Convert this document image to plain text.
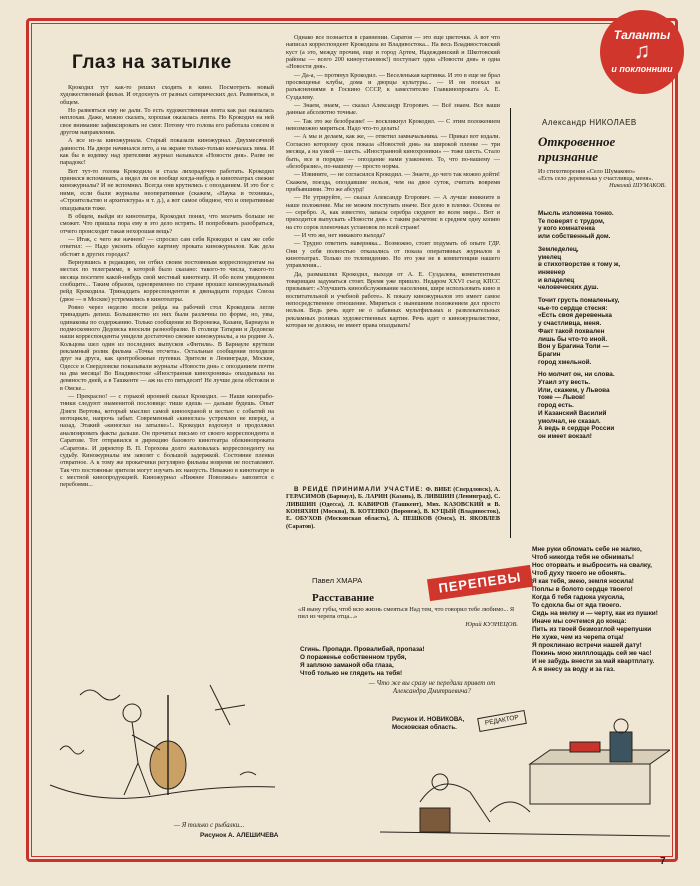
Таланты
♫
и поклонники
Глаз на затылке

Крокодил тут как-то решил сходить в кино. Посмотреть новый художественный фильм. И отдохнуть от разных сатирических дел. Развеяться, в общем.

Но развеяться ему не дали. То есть художественная лента как раз оказалась неплохая. Даже, можно сказать, хорошая оказалась лента. Но Крокодил на ней свое внимание зафиксировать не смог. Потому что голова его работала совсем в другом направлении.

А все из-за киножурнала. Старый показали киножурнал. Двухмесячной давности. На дворе начинался лето, а на экране только-только кончалась зима. И как бы в издевку над зрителями журнал назывался «Новости дня». Разве не парадокс!

Вот тут-то голова Крокодила и стала лихорадочно работать. Крокодил принялся вспоминать, а видел ли он вообще когда-нибудь в кинотеатрах свежие киножурналы? И не вспомнил. Всегда они крутились с опозданием. И это бог с ними, если были журналы неоперативные (скажем, «Наука и техника», «Строительство и архитектура» и т. д.), а вот самое обидное, что и оперативные опаздывали тоже.

В общем, выйдя из кинотеатра, Крокодил понял, что молчать больше не сможет. Что пришла пора ему в это дело встрять. И попробовать разобраться, отчего происходит такая нехорошая вещь?

— Итак, с чего же начнем? — спросил сам себя Крокодил и сам же себе ответил: — Надо уяснить общую картину проката киножурналов. Как дела обстоят в других городах?

Вернувшись в редакцию, он отбил своим постоянным корреспондентам на местах по телеграмме, в которой было сказано: такого-то числа, такого-то месяца посетите какой-нибудь свой местный кинотеатр. И обо всем увиденном сообщите... Таким образом, одновременно по стране прошел киножурнальный рейд Крокодила. Тринадцать корреспондентов в двенадцати городах Союза (двое — в Москве) устремились в кинотеатры.

Ровно через неделю после рейда на рабочий стол Крокодила легли тринадцать депеш. Большинство из них были различны по форме, но, увы, одинаковы по содержанию. Только сообщения из Воронежа, Казани, Барнаула и подмосковного Дедовска вносили разнообразие. В столице Татарии и Дедовске наши корреспонденты увидели достаточно свежие киножурналы, а на родине А. Кольцова шел один из последних выпусков «Фитиля». В Барнауле крутили рекламный ролик фильма «Точка отсчета». Остальные сообщения походили друг на друга, как центробежные путевки. Зрители в Ленинграде, Москве, Одессе и Свердловске показывали журналы «Новости дня» с опозданием почти на два месяца! Во Владивостоке «Иностранная кинохроника» опаздывала на девяносто дней, а в Ташкенте — аж на сто пятьдесят! Не лучше дела обстояли и в Омске...

— Прекрасно! — с горькой иронией сказал Крокодил. — Наши киноработники следуют знаменитой пословице: тише едешь — дальше будешь. Опыт Дзиги Вертова, который мыслил самой киноохраной и вестью с событий на мотоцикле, напрочь забыт. Современный «киноглаз» устремлен не вперед, а назад. Этакий «киноглаз на затылке»!.. Крокодил вздохнул и продолжил анализировать факты дальше. Он прочитал письмо от своего корреспондента в Саратове. Тот отправился в дирекцию базового кинотеатра облкинопроката «Саратов». И директор В. П. Горохова долго жаловалась корреспонденту на судьбу. Киножурналы им завозят с большой задержкой. Состояние пленки отвратное. А к тому же прокатчики регулярно фильмы вовремя не поставляют. Так что постоянные зрители могут изучать их наизусть. Неважно в кинотеатре и с местной кинопродукцией. Киножурнал «Нижнее Поволжье» завозится с перебоями...

— Я только с рыбалки...
Рисунок А. АЛЕШИЧЕВА

Однако все познается в сравнении. Саратов — это еще цветочки. А вот что написал корреспондент Крокодила из Владивостока... На весь Владивостокский куст (а это, между прочим, еще и город Артем, Надеждинский и Шкотовский районы — всего 200 киноустановок!) поступает одна «Новости дня» и одна «Новости дня».

— Да-а, — протянул Крокодил. — Веселенькая картинка. И это в еще не брал просвещенье клубы, дома и дворцы культуры... — И он поехал за разъяснениями в Госкино СССР, к заместителю Главкинопроката А. Е. Суздалеву.

— Знаем, знаем, — сказал Александр Егорович. — Всё знаем. Все ваши данные абсолютно точные.

— Так это же безобразие! — воскликнул Крокодил. — С этим положением невозможно мириться. Надо что-то делать!

— А мы и делаем, как же, — ответил замначальника. — Приказ вот издали. Согласно которому срок показа «Новостей дня» на широкой пленке — три месяца, а на узкой — шесть. «Иностранной кинохроники» — тоже шесть. Стало быть, все в порядке — опоздание нами узаконено. То, что по-вашему — «безобразие», по-нашему — просто норма.

— Извините, — не согласился Крокодил. — Знаете, до чего так можно дойти! Скажем, поезда, опоздавшие нельзя, чем на двое суток, считать вовремя прибывшими. Это же абсурд!

— Не утрируйте, — сказал Александр Егорович. — А лучше вникните в наше положение. Мы не можем поступать иначе. Все дело в пленке. Основа ее — серебро. А, как известно, запасы серебра скудеют во всем мире... Вот и приходится выпускать «Новости дня» с таким расчетом: в среднем одну копию на сто сорок пленочных установок по всей стране!

— И что же, нет никакого выхода?

— Трудно ответить наверняка... Возможно, стоит подумать об опыте ГДР. Они у себя полностью отказались от показа оперативных журналов в кинотеатрах. Только по телевидению. Но это уже не в компетенции нашего управления...

Да, размышлял Крокодил, выходя от А. Е. Суздалева, компетентным товарищам задуматься стоит. Время уже пришло. Недаром XXVI съезд КПСС призывает: «Улучшить кинообслуживание населения, шире использовать кино в воспитательной и учебной работе». К показу киножурналов это имеет самое непосредственное отношение. Мириться с нынешним положением дел просто нельзя. Ведь речь идет не о забавных мультфильмах и развлекательных рекламных роликах художественных картин. Речь идет о киножурналистике, которая не должна, не имеет права опаздывать!

В РЕЙДЕ ПРИНИМАЛИ УЧАСТИЕ: Ф. ВИБЕ (Свердловск), А. ГЕРАСИМОВ (Барнаул), Б. ЛАРИН (Казань), В. ЛИВШИН (Ленинград), С. ЛИВШИН (Одесса), Л. КАВИРОВ (Ташкент), Мих. КАЗОВСКИЙ и В. КОНЯХИН (Москва), В. КОТЕНКО (Воронеж), В. КУЦЫЙ (Владивосток), Е. ОБУХОВ (Московская область), А. ПЕШКОВ (Омск), Н. ЯКОВЛЕВ (Саратов).

Александр НИКОЛАЕВ
Откровенное признание
Из стихотворения «Село Шумаково»
«Есть село деревенька у счастливца, меня».
Николай ШУМАКОВ.
Мысль изложена тонко.
Те поверят с трудом,
у кого комнатенка
или собственный дом.
Земледелец,
умелец
в стихотворстве к тому ж,
инженер
и владелец
человеческих душ.
Точит грусть помаленьку,
чье-то сердце стесня:
«Есть своя деревенька
у счастливца, меня.
Факт такой похвален
лишь бы что-то иной.
Вон у Брагина Толи —
Брагин
город хмельной.
Но молчит он, ни слова.
Утаил эту весть.
Или, скажем, у Львова
тоже — Львов!
город есть.
И Казанский Василий
умолчал, не сказал.
А ведь в сердце России
он имеет вокзал!
Павел ХМАРА
Расставание
ПЕРЕПЕВЫ
«Я выну губы, чтоб всю жизнь смеяться Над тем, что говорил тебе любимо... Я пил из черепа отца...»
Юрий КУЗНЕЦОВ.
Сгинь. Пропади. Провалибай, пропаза!
О пораженье собственном трубя,
Я заплюю заманой оба глаза,
Чтоб только не глядеть на тебя!
Мне руки обломать себе не жалко,
Чтоб никогда тебя не обнимать!
Нос оторвать и выбросить на свалку,
Чтоб духу твоего не обонять.
Я как тебя, змею, земля носила!
Поплы в болото сердце твоего!
Когда б тебя гадюка укусила,
То сдохла бы от яда твоего.
Сидь на мелку и — черту, как из пушки!
Иначе мы сочтемся до конца:
Пить из твоей безмозглой черепушки
Не хуже, чем из черепа отца!
Я проклинаю встречи нашей дату!
Покинь мою жилплощадь сей же час!
И не забудь внести за май квартплату.
А я внесу за воду и за газ.
РЕДАКТОР
— Что же вы сразу не передали привет от Александра Дмитриевича?
Рисунок И. НОВИКОВА, Московская область.
7
